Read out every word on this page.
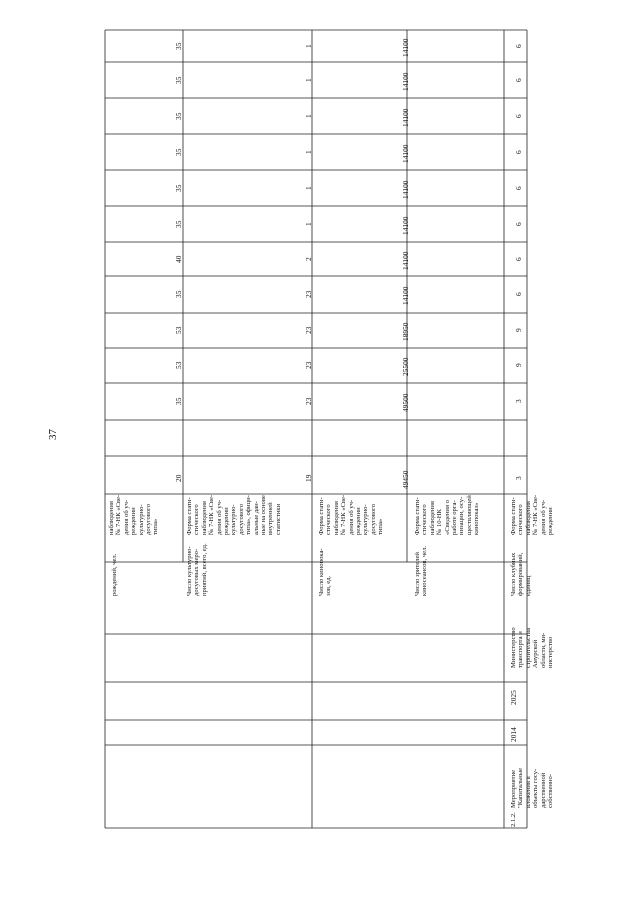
37
рождений, чел.
наблюдения № 7-НК «Све- дения об уч- реждении культурно- досугового типа»
Число культурно- досуговых меро- приятий, всего, ед.
Форма стати- стического наблюдения № 7-НК «Све- дения об уч- реждении культурно- досугового типа», офици- альные дан- ные на основе внутренней статистики
Число кинопока- зов, ед.
Форма стати- стического наблюдения № 7-НК «Све- дения об уч- реждении культурно- досугового типа»
Число зрителей киносеансов, чел.
Форма стати- стического наблюдения № 10-НК «Сведения о работе орга- низации, осу- ществляющей кинопоказ»
2.1.2.
Мероприятие "Капитальные вложения в объекты госу- дарственной собственно-
2014
2025
Министерство транспорта и строительства Амурской области, ми- нистерство
Число клубных формирований, единиц
Форма стати- стического наблюдения № 7-НК «Све- дения об уч- реждении
20
35
53
53
35
40
35
35
35
35
35
35
19
23
23
23
23
2
1
1
1
1
1
1
49450
49500
25500
18950
14100
14100
14100
14100
14100
14100
14100
14100
3
3
9
9
6
6
6
6
6
6
6
6
